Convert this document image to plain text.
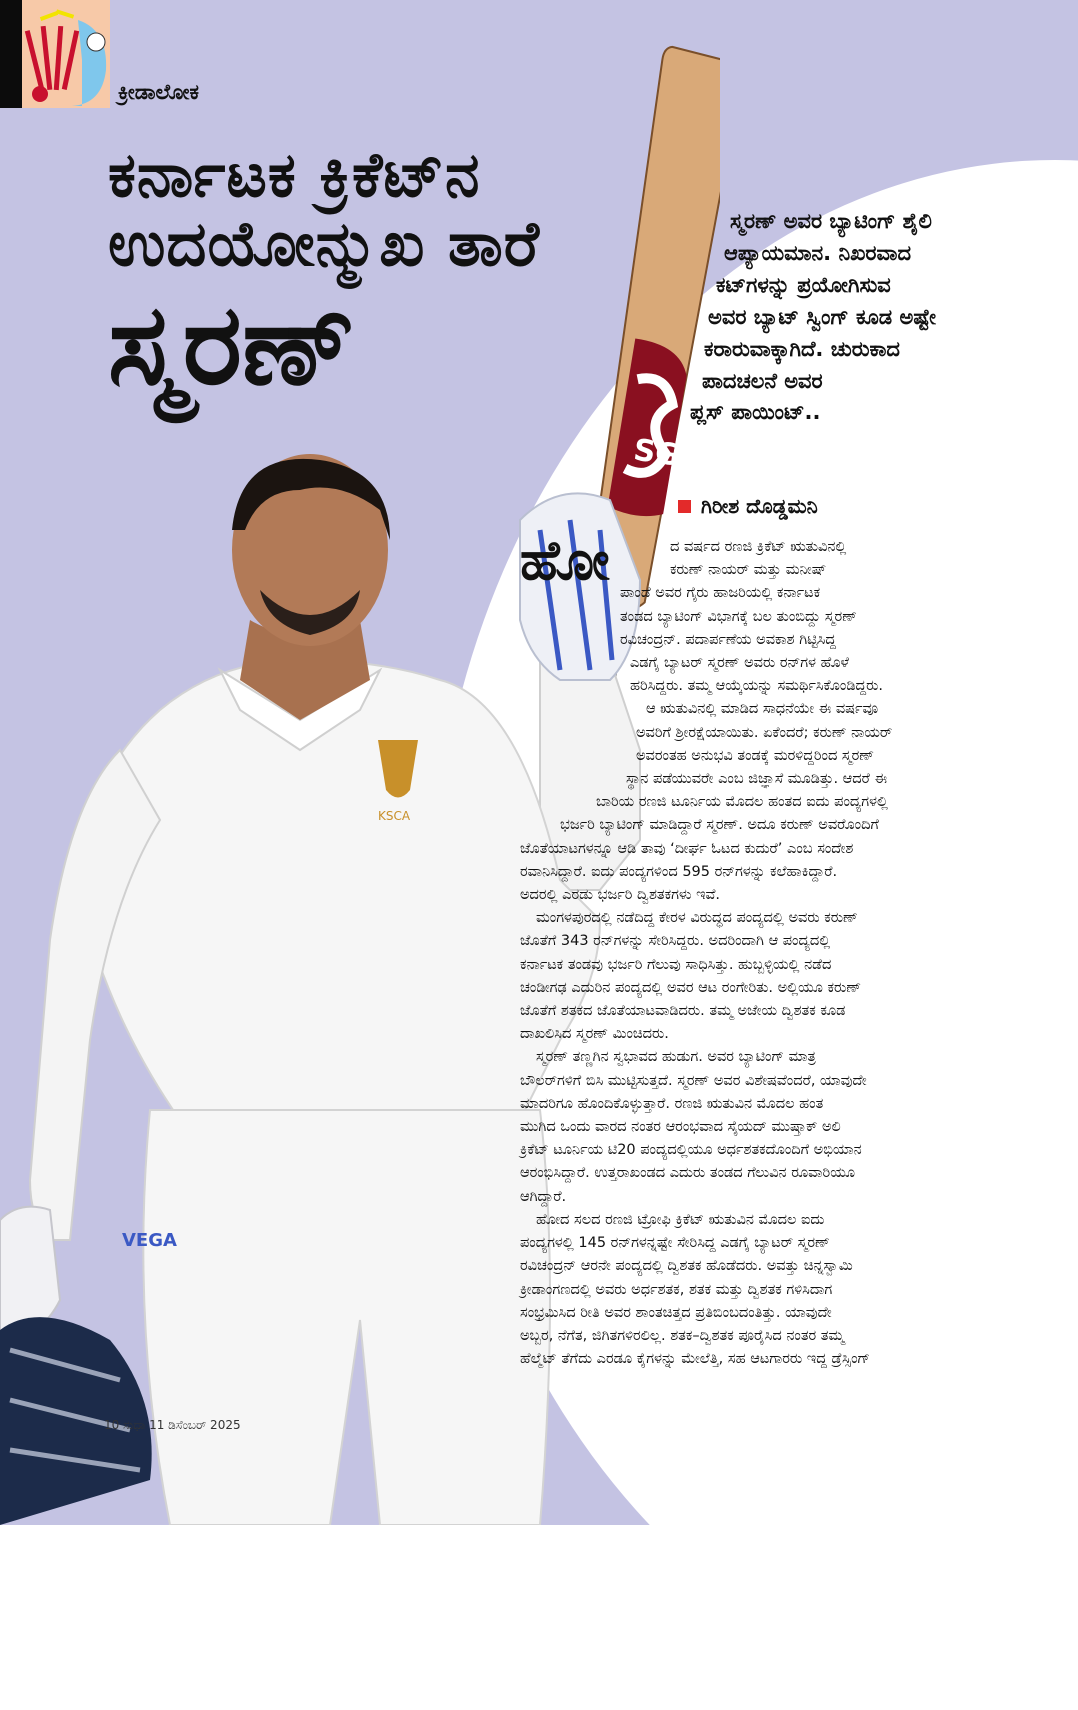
ಕ್ರೀಡಾಲೋಕ
ಕರ್ನಾಟಕ ಕ್ರಿಕೆಟ್‌ನ
ಉದಯೋನ್ಮುಖ ತಾರೆ
ಸ್ಮರಣ್
SG
KSCA
VEGA
ಸ್ಮರಣ್ ಅವರ ಬ್ಯಾಟಿಂಗ್ ಶೈಲಿ
ಆಪ್ಯಾಯಮಾನ. ನಿಖರವಾದ
ಕಟ್‌ಗಳನ್ನು ಪ್ರಯೋಗಿಸುವ
ಅವರ ಬ್ಯಾಟ್ ಸ್ವಿಂಗ್ ಕೂಡ ಅಷ್ಟೇ
ಕರಾರುವಾಕ್ಕಾಗಿದೆ. ಚುರುಕಾದ
ಪಾದಚಲನೆ ಅವರ
ಪ್ಲಸ್ ಪಾಯಿಂಟ್..
ಗಿರೀಶ ದೊಡ್ಡಮನಿ
ಹೋ	ದ ವರ್ಷದ ರಣಜಿ ಕ್ರಿಕೆಟ್ ಋತುವಿನಲ್ಲಿ
ಕರುಣ್ ನಾಯರ್ ಮತ್ತು ಮನೀಷ್
ಪಾಂಡೆ ಅವರ ಗೈರು ಹಾಜರಿಯಲ್ಲಿ ಕರ್ನಾಟಕ
ತಂಡದ ಬ್ಯಾಟಿಂಗ್ ವಿಭಾಗಕ್ಕೆ ಬಲ ತುಂಬಿದ್ದು ಸ್ಮರಣ್
ರವಿಚಂದ್ರನ್. ಪದಾರ್ಪಣೆಯ ಅವಕಾಶ ಗಿಟ್ಟಿಸಿದ್ದ
ಎಡಗೈ ಬ್ಯಾಟರ್ ಸ್ಮರಣ್ ಅವರು ರನ್‌ಗಳ ಹೊಳೆ
ಹರಿಸಿದ್ದರು. ತಮ್ಮ ಆಯ್ಕೆಯನ್ನು ಸಮರ್ಥಿಸಿಕೊಂಡಿದ್ದರು.
ಆ ಋತುವಿನಲ್ಲಿ ಮಾಡಿದ ಸಾಧನೆಯೇ ಈ ವರ್ಷವೂ
ಅವರಿಗೆ ಶ್ರೀರಕ್ಷೆಯಾಯಿತು. ಏಕೆಂದರೆ; ಕರುಣ್ ನಾಯರ್
ಅವರಂತಹ ಅನುಭವಿ ತಂಡಕ್ಕೆ ಮರಳಿದ್ದರಿಂದ ಸ್ಮರಣ್
ಸ್ಥಾನ ಪಡೆಯುವರೇ ಎಂಬ ಜಿಜ್ಞಾಸೆ ಮೂಡಿತ್ತು. ಆದರೆ ಈ
ಬಾರಿಯ ರಣಜಿ ಟೂರ್ನಿಯ ಮೊದಲ ಹಂತದ ಐದು ಪಂದ್ಯಗಳಲ್ಲಿ
ಭರ್ಜರಿ ಬ್ಯಾಟಿಂಗ್ ಮಾಡಿದ್ದಾರೆ ಸ್ಮರಣ್. ಅದೂ ಕರುಣ್ ಅವರೊಂದಿಗೆ
ಜೊತೆಯಾಟಗಳನ್ನೂ ಆಡಿ ತಾವು ‘ದೀರ್ಘ ಓಟದ ಕುದುರೆ’ ಎಂಬ ಸಂದೇಶ
ರವಾನಿಸಿದ್ದಾರೆ. ಐದು ಪಂದ್ಯಗಳಿಂದ 595 ರನ್‌ಗಳನ್ನು ಕಲೆಹಾಕಿದ್ದಾರೆ.
ಅದರಲ್ಲಿ ಎರಡು ಭರ್ಜರಿ ದ್ವಿಶತಕಗಳು ಇವೆ.
ಮಂಗಳಪುರದಲ್ಲಿ ನಡೆದಿದ್ದ ಕೇರಳ ವಿರುದ್ಧದ ಪಂದ್ಯದಲ್ಲಿ ಅವರು ಕರುಣ್
ಜೊತೆಗೆ 343 ರನ್‌ಗಳನ್ನು ಸೇರಿಸಿದ್ದರು. ಅದರಿಂದಾಗಿ ಆ ಪಂದ್ಯದಲ್ಲಿ
ಕರ್ನಾಟಕ ತಂಡವು ಭರ್ಜರಿ ಗೆಲುವು ಸಾಧಿಸಿತ್ತು. ಹುಬ್ಬಳ್ಳಿಯಲ್ಲಿ ನಡೆದ
ಚಂಡೀಗಢ ಎದುರಿನ ಪಂದ್ಯದಲ್ಲಿ ಅವರ ಆಟ ರಂಗೇರಿತು. ಅಲ್ಲಿಯೂ ಕರುಣ್
ಜೊತೆಗೆ ಶತಕದ ಜೊತೆಯಾಟವಾಡಿದರು. ತಮ್ಮ ಅಜೇಯ ದ್ವಿಶತಕ ಕೂಡ
ದಾಖಲಿಸಿದ ಸ್ಮರಣ್ ಮಿಂಚಿದರು.
ಸ್ಮರಣ್ ತಣ್ಣಗಿನ ಸ್ವಭಾವದ ಹುಡುಗ. ಅವರ ಬ್ಯಾಟಿಂಗ್ ಮಾತ್ರ
ಬೌಲರ್‌ಗಳಿಗೆ ಬಿಸಿ ಮುಟ್ಟಿಸುತ್ತದೆ. ಸ್ಮರಣ್ ಅವರ ವಿಶೇಷವೆಂದರೆ, ಯಾವುದೇ
ಮಾದರಿಗೂ ಹೊಂದಿಕೊಳ್ಳುತ್ತಾರೆ. ರಣಜಿ ಋತುವಿನ ಮೊದಲ ಹಂತ
ಮುಗಿದ ಒಂದು ವಾರದ ನಂತರ ಆರಂಭವಾದ ಸೈಯದ್ ಮುಷ್ತಾಕ್ ಅಲಿ
ಕ್ರಿಕೆಟ್ ಟೂರ್ನಿಯ ಟಿ20 ಪಂದ್ಯದಲ್ಲಿಯೂ ಅರ್ಧಶತಕದೊಂದಿಗೆ ಅಭಿಯಾನ
ಆರಂಭಿಸಿದ್ದಾರೆ. ಉತ್ತರಾಖಂಡದ ಎದುರು ತಂಡದ ಗೆಲುವಿನ ರೂವಾರಿಯೂ
ಆಗಿದ್ದಾರೆ.
ಹೋದ ಸಲದ ರಣಜಿ ಟ್ರೋಫಿ ಕ್ರಿಕೆಟ್ ಋತುವಿನ ಮೊದಲ ಐದು
ಪಂದ್ಯಗಳಲ್ಲಿ 145 ರನ್‌ಗಳನ್ನಷ್ಟೇ ಸೇರಿಸಿದ್ದ ಎಡಗೈ ಬ್ಯಾಟರ್ ಸ್ಮರಣ್
ರವಿಚಂದ್ರನ್ ಆರನೇ ಪಂದ್ಯದಲ್ಲಿ ದ್ವಿಶತಕ ಹೊಡೆದರು. ಅವತ್ತು ಚಿನ್ನಸ್ವಾಮಿ
ಕ್ರೀಡಾಂಗಣದಲ್ಲಿ ಅವರು ಅರ್ಧಶತಕ, ಶತಕ ಮತ್ತು ದ್ವಿಶತಕ ಗಳಿಸಿದಾಗ
ಸಂಭ್ರಮಿಸಿದ ರೀತಿ ಅವರ ಶಾಂತಚಿತ್ತದ ಪ್ರತಿಬಿಂಬದಂತಿತ್ತು. ಯಾವುದೇ
ಅಬ್ಬರ, ನೆಗೆತ, ಜಿಗಿತಗಳಿರಲಿಲ್ಲ. ಶತಕ–ದ್ವಿಶತಕ ಪೂರೈಸಿದ ನಂತರ ತಮ್ಮ
ಹೆಲ್ಮೆಟ್ ತೆಗೆದು ಎರಡೂ ಕೈಗಳನ್ನು ಮೇಲೆತ್ತಿ, ಸಹ ಆಟಗಾರರು ಇದ್ದ ಡ್ರೆಸ್ಸಿಂಗ್
10 ಸುಧಾ 11 ಡಿಸೆಂಬರ್ 2025
